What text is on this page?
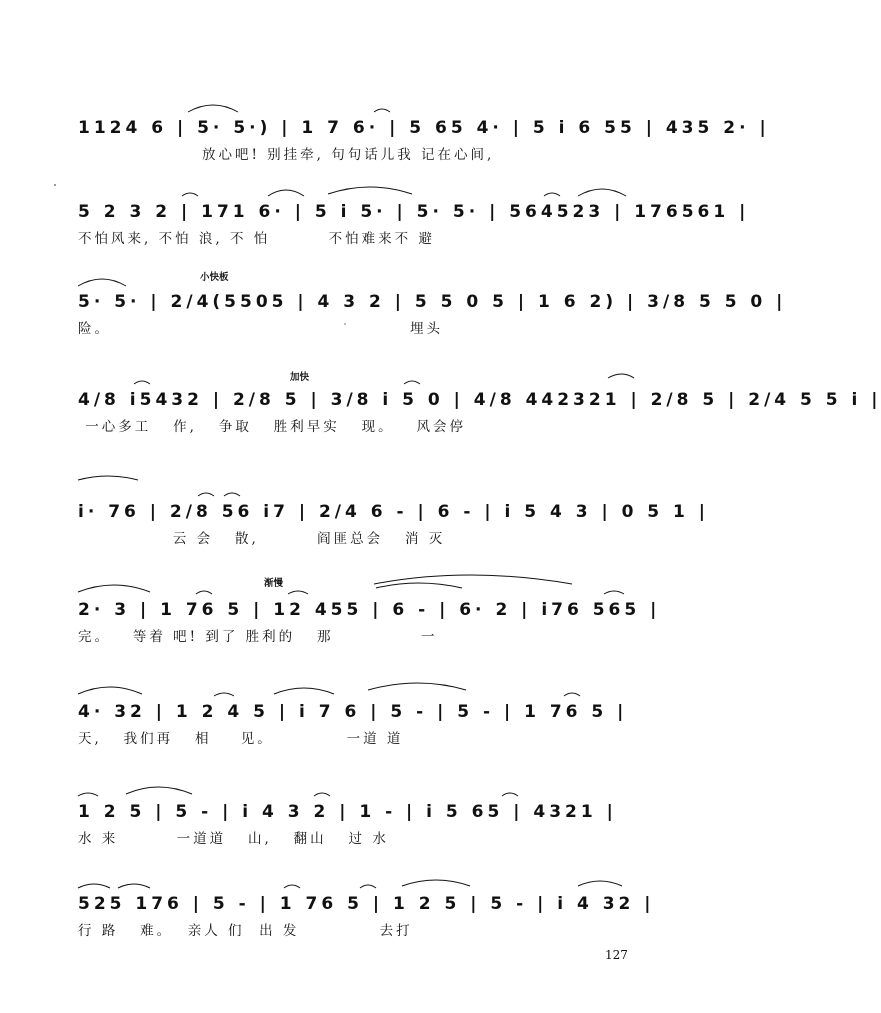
1124 6 | 5· 5·) | 1 7 6· | 5 65 4· | 5 i 6 55 | 435 2· |
放心吧! 别挂牵, 句句话儿我 记在心间,
5 2 3 2 | 171 6· | 5 i 5· | 5· 5· | 564523 | 176561 |
不怕风来, 不怕 浪, 不 怕        不怕难来不 避
小快板
5· 5· | 2/4(5505 | 4 3 2 | 5 5 0 5 | 1 6 2) | 3/8 5 5 0 |
险。                                         埋头
加快
4/8 i5432 | 2/8 5 | 3/8 i 5 0 | 4/8 442321 | 2/8 5 | 2/4 5 5 i |
一心多工   作,   争取   胜利早实   现。   风会停
i· 76 | 2/8 56 i7 | 2/4 6 - | 6 - | i 5 4 3 | 0 5 1 |
云 会   散,        阎匪总会   消 灭
渐慢
2· 3 | 1 76 5 | 12 455 | 6 - | 6· 2 | i76 565 |
完。   等着 吧! 到了 胜利的   那            一
4· 32 | 1 2 4 5 | i 7 6 | 5 - | 5 - | 1 76 5 |
天,   我们再   相    见。          一道 道
1 2 5 | 5 - | i 4 3 2 | 1 - | i 5 65 | 4321 |
水 来        一道道   山,   翻山   过 水
525 176 | 5 - | 1 76 5 | 1 2 5 | 5 - | i 4 32 |
行 路   难。  亲人 们  出 发           去打
127
